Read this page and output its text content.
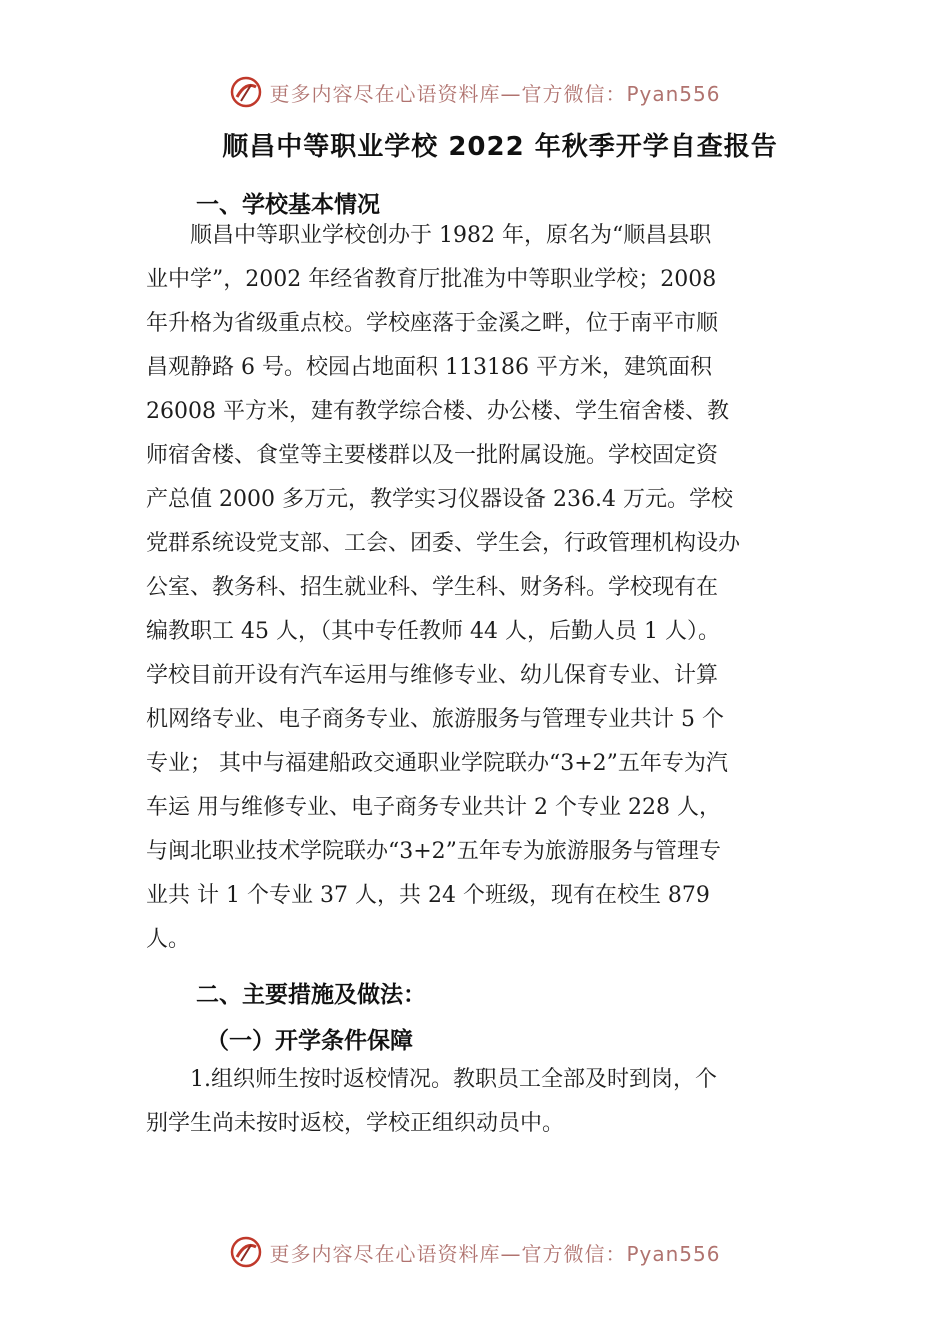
更多内容尽在心语资料库—官方微信：Pyan556
顺昌中等职业学校 2022 年秋季开学自查报告
一、学校基本情况
　　顺昌中等职业学校创办于 1982 年，原名为“顺昌县职
业中学”，2002 年经省教育厅批准为中等职业学校；2008
年升格为省级重点校。学校座落于金溪之畔，位于南平市顺
昌观静路 6 号。校园占地面积 113186 平方米，建筑面积
26008 平方米，建有教学综合楼、办公楼、学生宿舍楼、教
师宿舍楼、食堂等主要楼群以及一批附属设施。学校固定资
产总值 2000 多万元，教学实习仪器设备 236.4 万元。学校
党群系统设党支部、工会、团委、学生会，行政管理机构设办
公室、教务科、招生就业科、学生科、财务科。学校现有在
编教职工 45 人，（其中专任教师 44 人，后勤人员 1 人）。
学校目前开设有汽车运用与维修专业、幼儿保育专业、计算
机网络专业、电子商务专业、旅游服务与管理专业共计 5 个
专业； 其中与福建船政交通职业学院联办“3+2”五年专为汽
车运 用与维修专业、电子商务专业共计 2 个专业 228 人，
与闽北职业技术学院联办“3+2”五年专为旅游服务与管理专
业共 计 1 个专业 37 人，共 24 个班级，现有在校生 879
人。
二、主要措施及做法：
（一）开学条件保障
　　1.组织师生按时返校情况。教职员工全部及时到岗，个
别学生尚未按时返校，学校正组织动员中。
更多内容尽在心语资料库—官方微信：Pyan556
